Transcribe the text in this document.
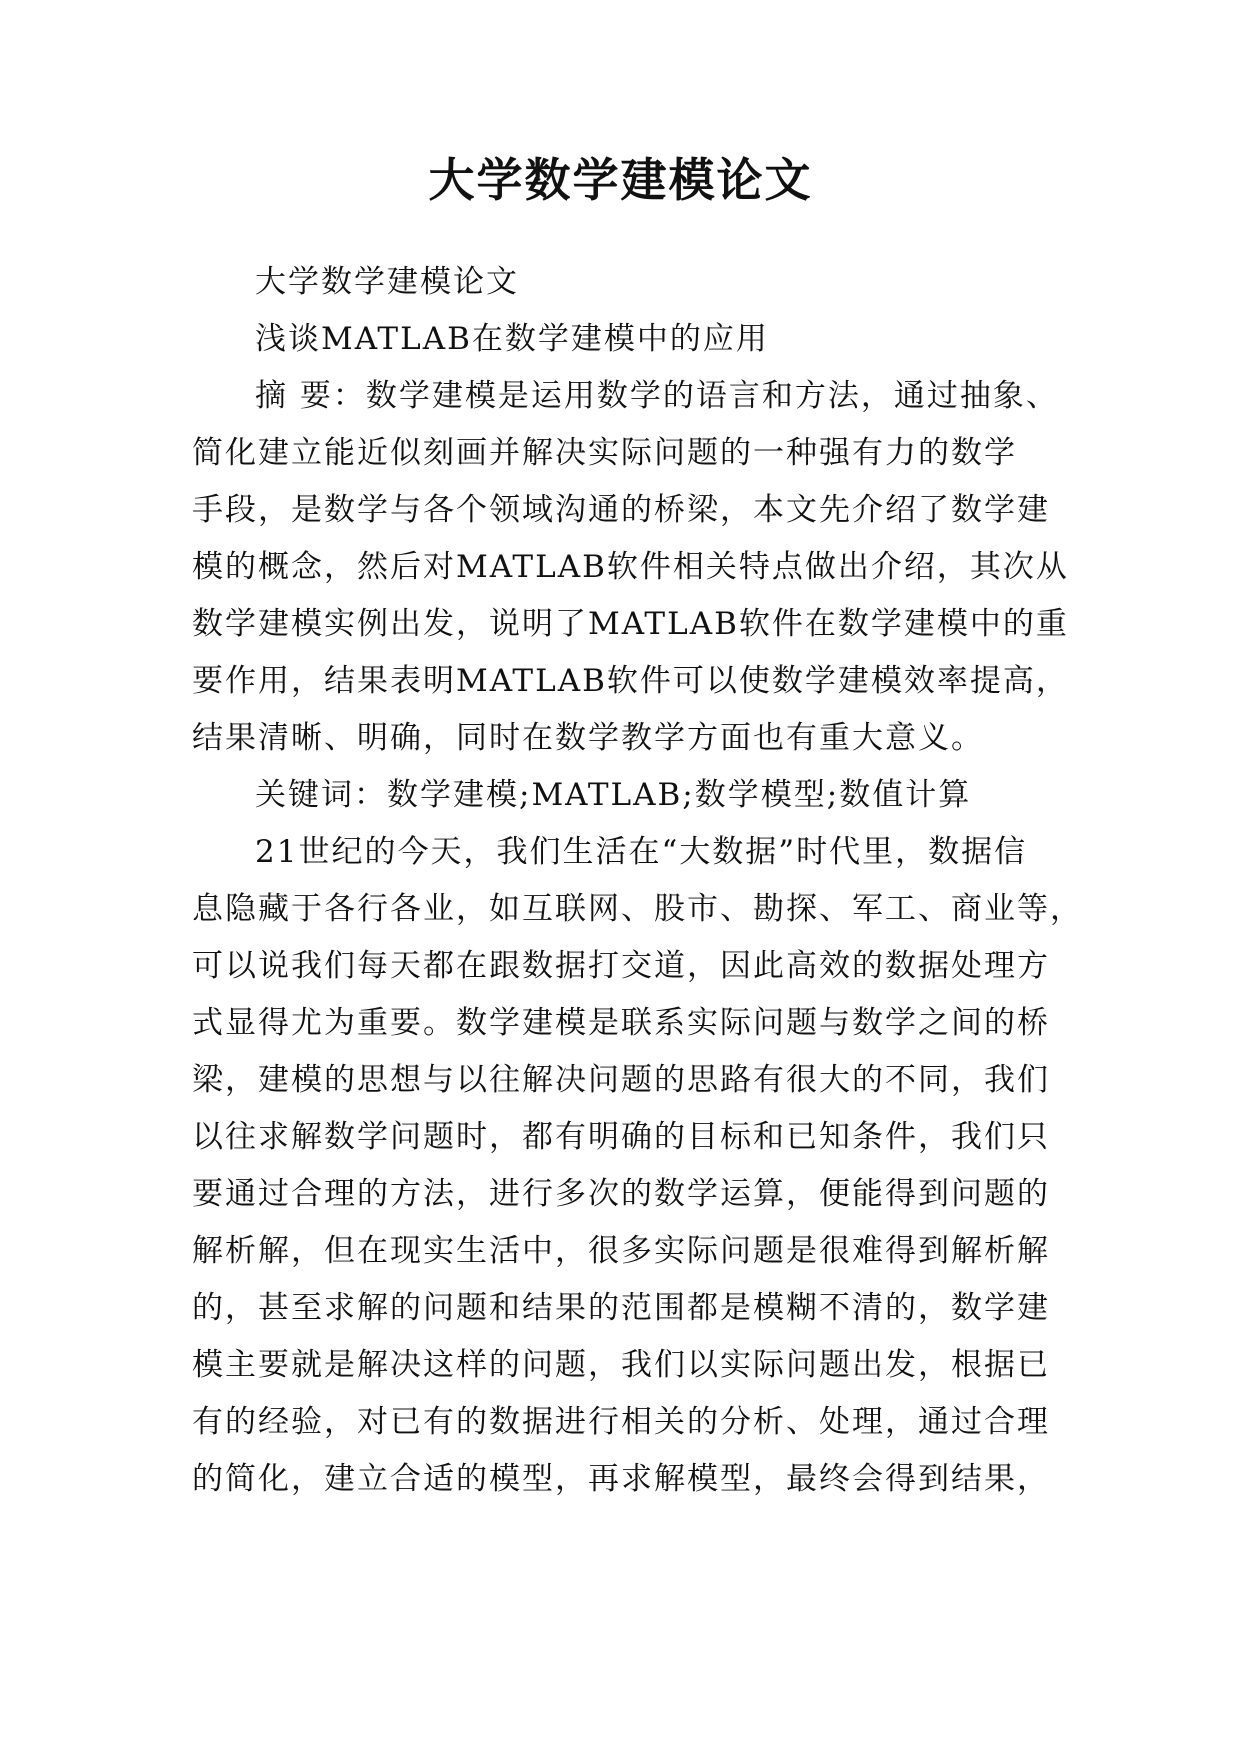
大学数学建模论文

大学数学建模论文

浅谈MATLAB在数学建模中的应用

摘 要：数学建模是运用数学的语言和方法，通过抽象、

简化建立能近似刻画并解决实际问题的一种强有力的数学

手段，是数学与各个领域沟通的桥梁，本文先介绍了数学建

模的概念，然后对MATLAB软件相关特点做出介绍，其次从

数学建模实例出发，说明了MATLAB软件在数学建模中的重

要作用，结果表明MATLAB软件可以使数学建模效率提高，

结果清晰、明确，同时在数学教学方面也有重大意义。

关键词：数学建模;MATLAB;数学模型;数值计算

21世纪的今天，我们生活在“大数据”时代里，数据信

息隐藏于各行各业，如互联网、股市、勘探、军工、商业等，

可以说我们每天都在跟数据打交道，因此高效的数据处理方

式显得尤为重要。数学建模是联系实际问题与数学之间的桥

梁，建模的思想与以往解决问题的思路有很大的不同，我们

以往求解数学问题时，都有明确的目标和已知条件，我们只

要通过合理的方法，进行多次的数学运算，便能得到问题的

解析解，但在现实生活中，很多实际问题是很难得到解析解

的，甚至求解的问题和结果的范围都是模糊不清的，数学建

模主要就是解决这样的问题，我们以实际问题出发，根据已

有的经验，对已有的数据进行相关的分析、处理，通过合理

的简化，建立合适的模型，再求解模型，最终会得到结果，
